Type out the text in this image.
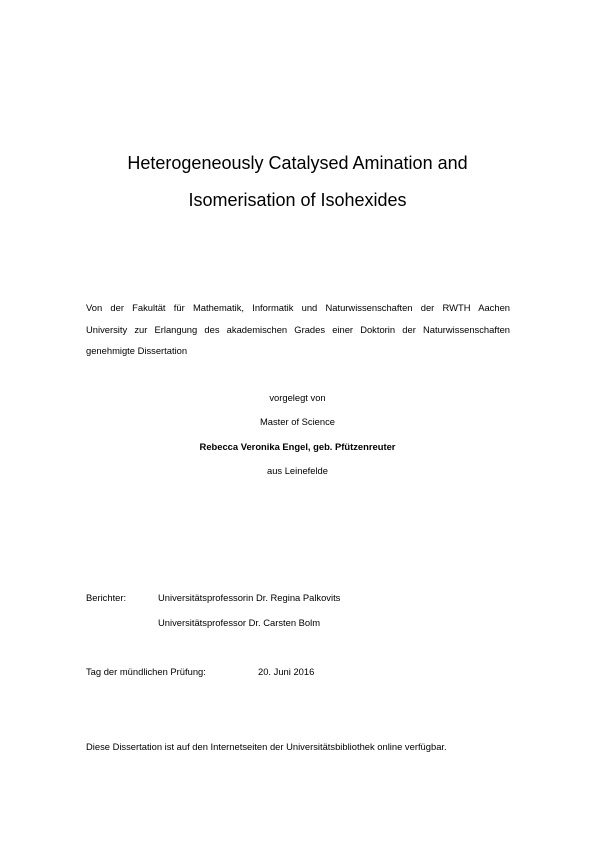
Heterogeneously Catalysed Amination and
Isomerisation of Isohexides
Von der Fakultät für Mathematik, Informatik und Naturwissenschaften der RWTH Aachen
University zur Erlangung des akademischen Grades einer Doktorin der Naturwissenschaften
genehmigte Dissertation
vorgelegt von
Master of Science
Rebecca Veronika Engel, geb. Pfützenreuter
aus Leinefelde
Berichter:	Universitätsprofessorin Dr. Regina Palkovits
Universitätsprofessor Dr. Carsten Bolm
Tag der mündlichen Prüfung:	20. Juni 2016
Diese Dissertation ist auf den Internetseiten der Universitätsbibliothek online verfügbar.
